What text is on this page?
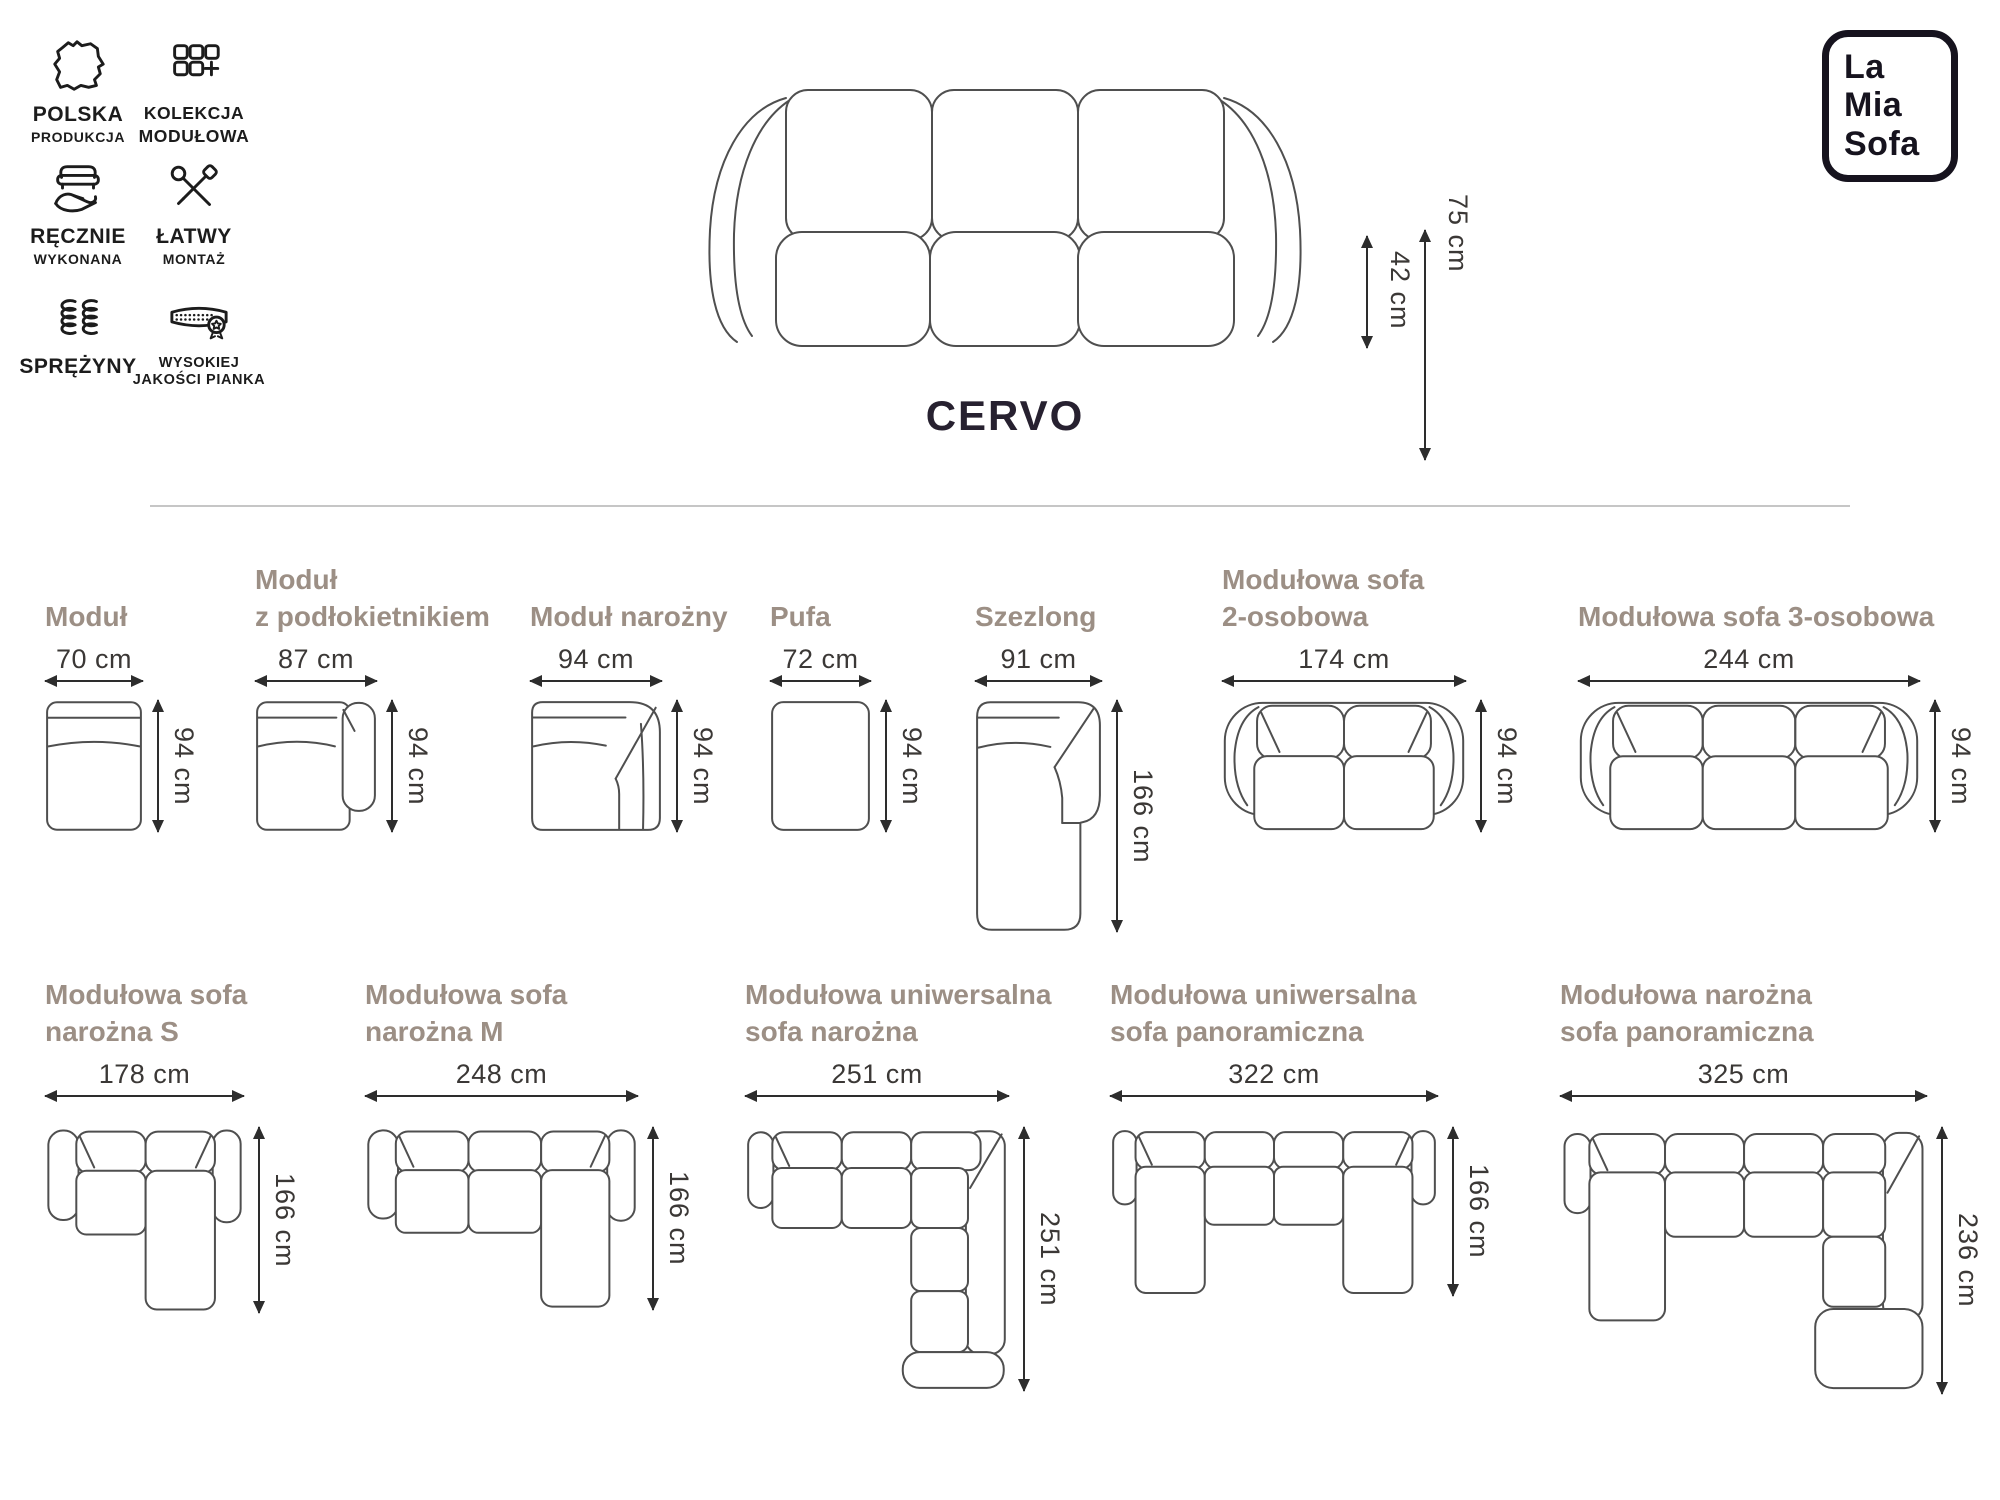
POLSKA
PRODUKCJA
KOLEKCJA
MODUŁOWA
RĘCZNIE
WYKONANA
ŁATWY
MONTAŻ
SPRĘŻYNY WYSOKIEJ
JAKOŚCI PIANKA
La
Mia
Sofa
42 cm
75 cm
CERVO
Moduł
70 cm
94 cm
Moduł
z podłokietnikiem
87 cm
94 cm
Moduł narożny
94 cm
94 cm
Pufa
72 cm
94 cm
Szezlong
91 cm
166 cm
Modułowa sofa
2-osobowa
174 cm
94 cm
Modułowa sofa 3-osobowa
244 cm
94 cm
Modułowa sofa
narożna S
178 cm
166 cm
Modułowa sofa
narożna M
248 cm
166 cm
Modułowa uniwersalna
sofa narożna
251 cm
251 cm
Modułowa uniwersalna
sofa panoramiczna
322 cm
166 cm
Modułowa narożna
sofa panoramiczna
325 cm
236 cm
